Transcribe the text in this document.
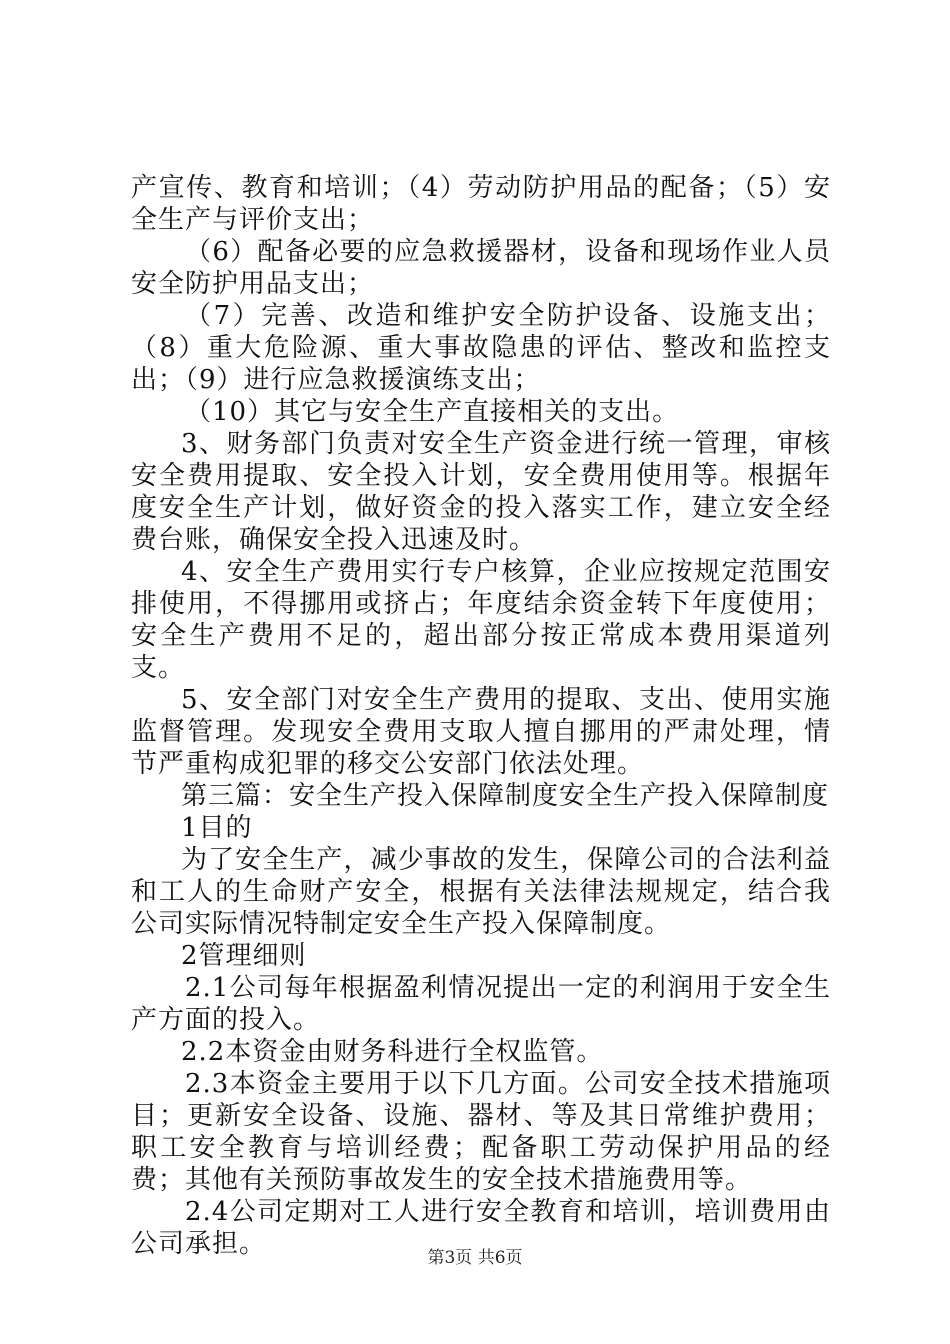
产宣传、教育和培训；（4）劳动防护用品的配备；（5）安全生产与评价支出；

（6）配备必要的应急救援器材，设备和现场作业人员安全防护用品支出；

（7）完善、改造和维护安全防护设备、设施支出；（8）重大危险源、重大事故隐患的评估、整改和监控支出；（9）进行应急救援演练支出；

（10）其它与安全生产直接相关的支出。

3、财务部门负责对安全生产资金进行统一管理，审核安全费用提取、安全投入计划，安全费用使用等。根据年度安全生产计划，做好资金的投入落实工作，建立安全经费台账，确保安全投入迅速及时。

4、安全生产费用实行专户核算，企业应按规定范围安排使用，不得挪用或挤占；年度结余资金转下年度使用；安全生产费用不足的，超出部分按正常成本费用渠道列支。

5、安全部门对安全生产费用的提取、支出、使用实施监督管理。发现安全费用支取人擅自挪用的严肃处理，情节严重构成犯罪的移交公安部门依法处理。

第三篇：安全生产投入保障制度安全生产投入保障制度

1目的

为了安全生产，减少事故的发生，保障公司的合法利益和工人的生命财产安全，根据有关法律法规规定，结合我公司实际情况特制定安全生产投入保障制度。

2管理细则

2.1公司每年根据盈利情况提出一定的利润用于安全生产方面的投入。

2.2本资金由财务科进行全权监管。

2.3本资金主要用于以下几方面。公司安全技术措施项目；更新安全设备、设施、器材、等及其日常维护费用；职工安全教育与培训经费；配备职工劳动保护用品的经费；其他有关预防事故发生的安全技术措施费用等。

2.4公司定期对工人进行安全教育和培训，培训费用由公司承担。	第3页 共6页
